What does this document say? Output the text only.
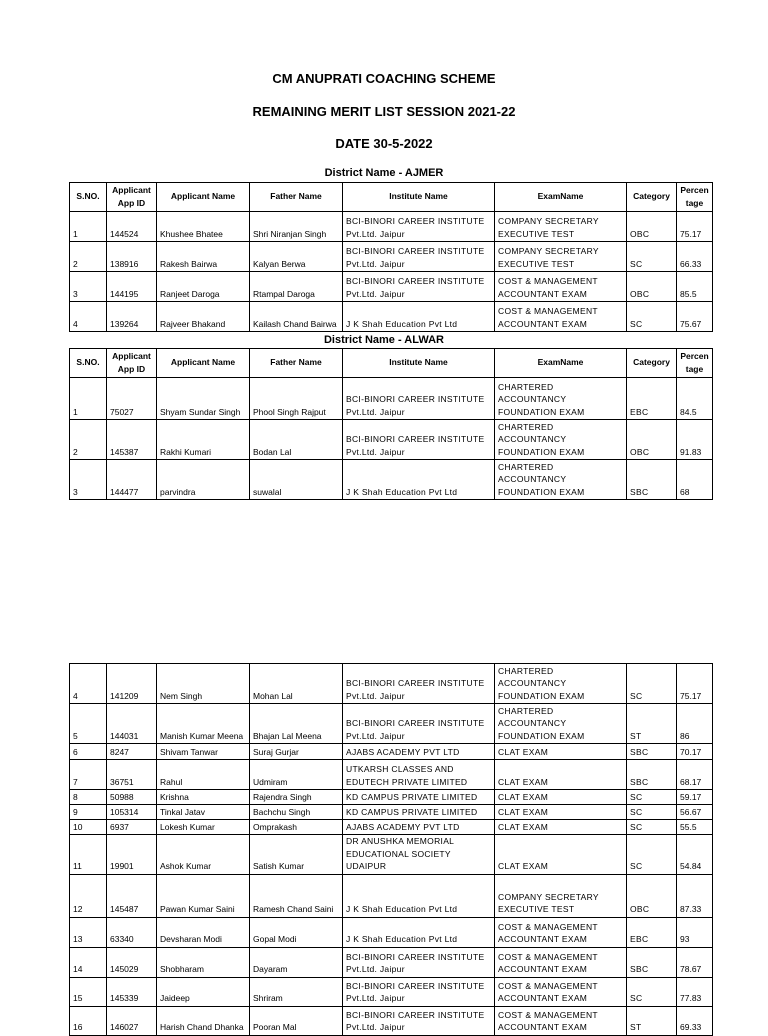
CM ANUPRATI COACHING SCHEME
REMAINING MERIT LIST SESSION 2021-22
DATE 30-5-2022
District Name - AJMER
S.NO.	Applicant App ID	Applicant Name	Father Name	Institute Name	ExamName	Category	Percen tage
1	144524	Khushee Bhatee	Shri Niranjan Singh	BCI-BINORI CAREER INSTITUTE Pvt.Ltd. Jaipur	COMPANY SECRETARY EXECUTIVE TEST	OBC	75.17
2	138916	Rakesh Bairwa	Kalyan Berwa	BCI-BINORI CAREER INSTITUTE Pvt.Ltd. Jaipur	COMPANY SECRETARY EXECUTIVE TEST	SC	66.33
3	144195	Ranjeet Daroga	Rtampal Daroga	BCI-BINORI CAREER INSTITUTE Pvt.Ltd. Jaipur	COST & MANAGEMENT ACCOUNTANT EXAM	OBC	85.5
4	139264	Rajveer Bhakand	Kailash Chand Bairwa	J K Shah Education Pvt Ltd	COST & MANAGEMENT ACCOUNTANT EXAM	SC	75.67
District Name - ALWAR
S.NO.	Applicant App ID	Applicant Name	Father Name	Institute Name	ExamName	Category	Percen tage
1	75027	Shyam Sundar Singh	Phool Singh Rajput	BCI-BINORI CAREER INSTITUTE Pvt.Ltd. Jaipur	CHARTERED ACCOUNTANCY FOUNDATION EXAM	EBC	84.5
2	145387	Rakhi Kumari	Bodan Lal	BCI-BINORI CAREER INSTITUTE Pvt.Ltd. Jaipur	CHARTERED ACCOUNTANCY FOUNDATION EXAM	OBC	91.83
3	144477	parvindra	suwalal	J K Shah Education Pvt Ltd	CHARTERED ACCOUNTANCY FOUNDATION EXAM	SBC	68
4	141209	Nem Singh	Mohan Lal	BCI-BINORI CAREER INSTITUTE Pvt.Ltd. Jaipur	CHARTERED ACCOUNTANCY FOUNDATION EXAM	SC	75.17
5	144031	Manish Kumar Meena	Bhajan Lal Meena	BCI-BINORI CAREER INSTITUTE Pvt.Ltd. Jaipur	CHARTERED ACCOUNTANCY FOUNDATION EXAM	ST	86
6	8247	Shivam Tanwar	Suraj Gurjar	AJABS ACADEMY PVT LTD	CLAT EXAM	SBC	70.17
7	36751	Rahul	Udmiram	UTKARSH CLASSES AND EDUTECH PRIVATE LIMITED	CLAT EXAM	SBC	68.17
8	50988	Krishna	Rajendra Singh	KD CAMPUS PRIVATE LIMITED	CLAT EXAM	SC	59.17
9	105314	Tinkal Jatav	Bachchu Singh	KD CAMPUS PRIVATE LIMITED	CLAT EXAM	SC	56.67
10	6937	Lokesh Kumar	Omprakash	AJABS ACADEMY PVT LTD	CLAT EXAM	SC	55.5
11	19901	Ashok Kumar	Satish Kumar	DR ANUSHKA MEMORIAL EDUCATIONAL SOCIETY UDAIPUR	CLAT EXAM	SC	54.84
12	145487	Pawan Kumar Saini	Ramesh Chand Saini	J K Shah Education Pvt Ltd	COMPANY SECRETARY EXECUTIVE TEST	OBC	87.33
13	63340	Devsharan Modi	Gopal Modi	J K Shah Education Pvt Ltd	COST & MANAGEMENT ACCOUNTANT EXAM	EBC	93
14	145029	Shobharam	Dayaram	BCI-BINORI CAREER INSTITUTE Pvt.Ltd. Jaipur	COST & MANAGEMENT ACCOUNTANT EXAM	SBC	78.67
15	145339	Jaideep	Shriram	BCI-BINORI CAREER INSTITUTE Pvt.Ltd. Jaipur	COST & MANAGEMENT ACCOUNTANT EXAM	SC	77.83
16	146027	Harish Chand Dhanka	Pooran Mal	BCI-BINORI CAREER INSTITUTE Pvt.Ltd. Jaipur	COST & MANAGEMENT ACCOUNTANT EXAM	ST	69.33
